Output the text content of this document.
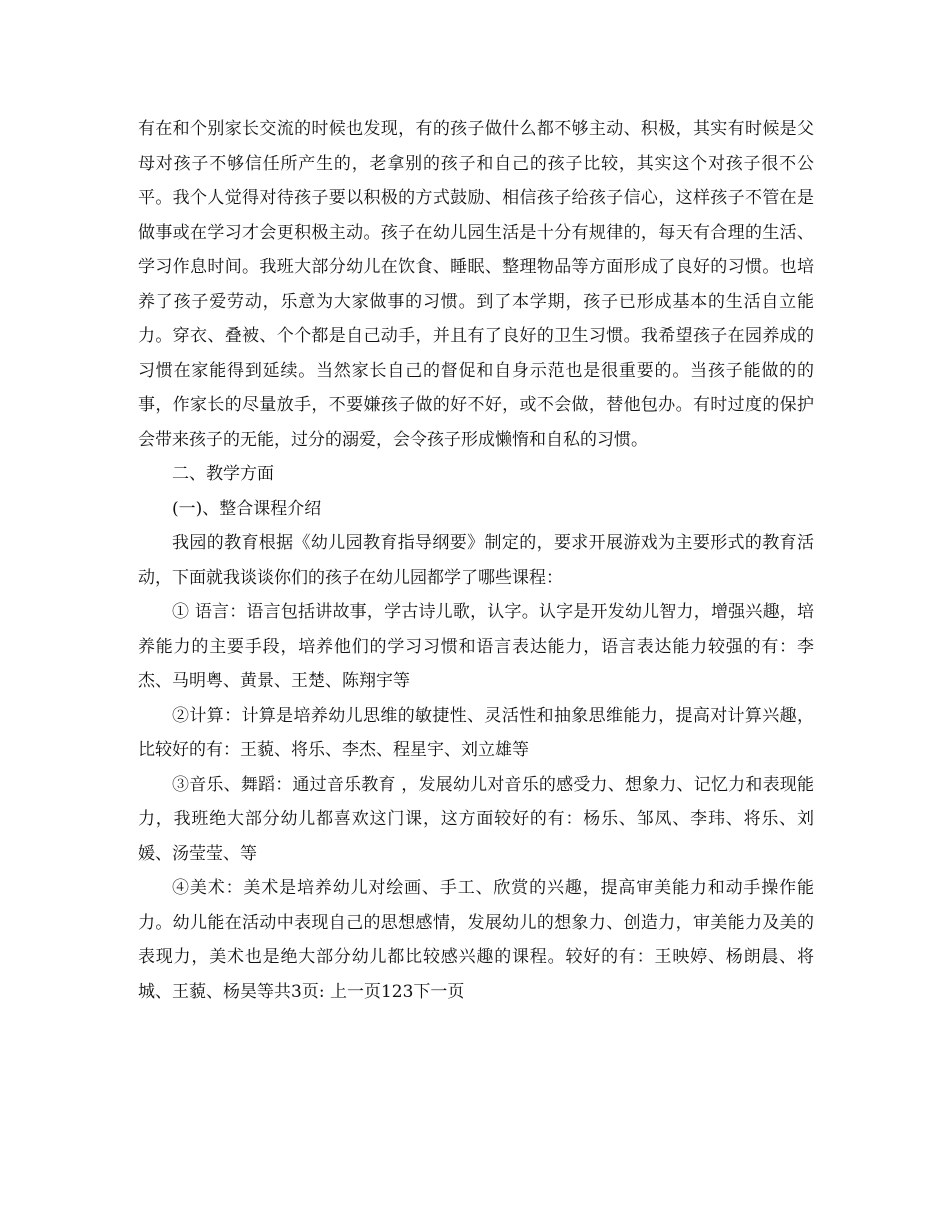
有在和个别家长交流的时候也发现，有的孩子做什么都不够主动、积极，其实有时候是父母对孩子不够信任所产生的，老拿别的孩子和自己的孩子比较，其实这个对孩子很不公平。我个人觉得对待孩子要以积极的方式鼓励、相信孩子给孩子信心，这样孩子不管在是做事或在学习才会更积极主动。孩子在幼儿园生活是十分有规律的，每天有合理的生活、学习作息时间。我班大部分幼儿在饮食、睡眠、整理物品等方面形成了良好的习惯。也培养了孩子爱劳动，乐意为大家做事的习惯。到了本学期，孩子已形成基本的生活自立能力。穿衣、叠被、个个都是自己动手，并且有了良好的卫生习惯。我希望孩子在园养成的习惯在家能得到延续。当然家长自己的督促和自身示范也是很重要的。当孩子能做的的事，作家长的尽量放手，不要嫌孩子做的好不好，或不会做，替他包办。有时过度的保护会带来孩子的无能，过分的溺爱，会令孩子形成懒惰和自私的习惯。

二、教学方面

(一)、整合课程介绍

我园的教育根据《幼儿园教育指导纲要》制定的，要求开展游戏为主要形式的教育活动，下面就我谈谈你们的孩子在幼儿园都学了哪些课程：

① 语言：语言包括讲故事，学古诗儿歌，认字。认字是开发幼儿智力，增强兴趣，培养能力的主要手段，培养他们的学习习惯和语言表达能力，语言表达能力较强的有：李杰、马明粤、黄景、王楚、陈翔宇等

②计算：计算是培养幼儿思维的敏捷性、灵活性和抽象思维能力，提高对计算兴趣，比较好的有：王藐、将乐、李杰、程星宇、刘立雄等

③音乐、舞蹈：通过音乐教育 ，发展幼儿对音乐的感受力、想象力、记忆力和表现能力，我班绝大部分幼儿都喜欢这门课，这方面较好的有：杨乐、邹凤、李玮、将乐、刘媛、汤莹莹、等

④美术：美术是培养幼儿对绘画、手工、欣赏的兴趣，提高审美能力和动手操作能力。幼儿能在活动中表现自己的思想感情，发展幼儿的想象力、创造力，审美能力及美的表现力，美术也是绝大部分幼儿都比较感兴趣的课程。较好的有：王映婷、杨朗晨、将城、王藐、杨昊等共3页: 上一页123下一页
